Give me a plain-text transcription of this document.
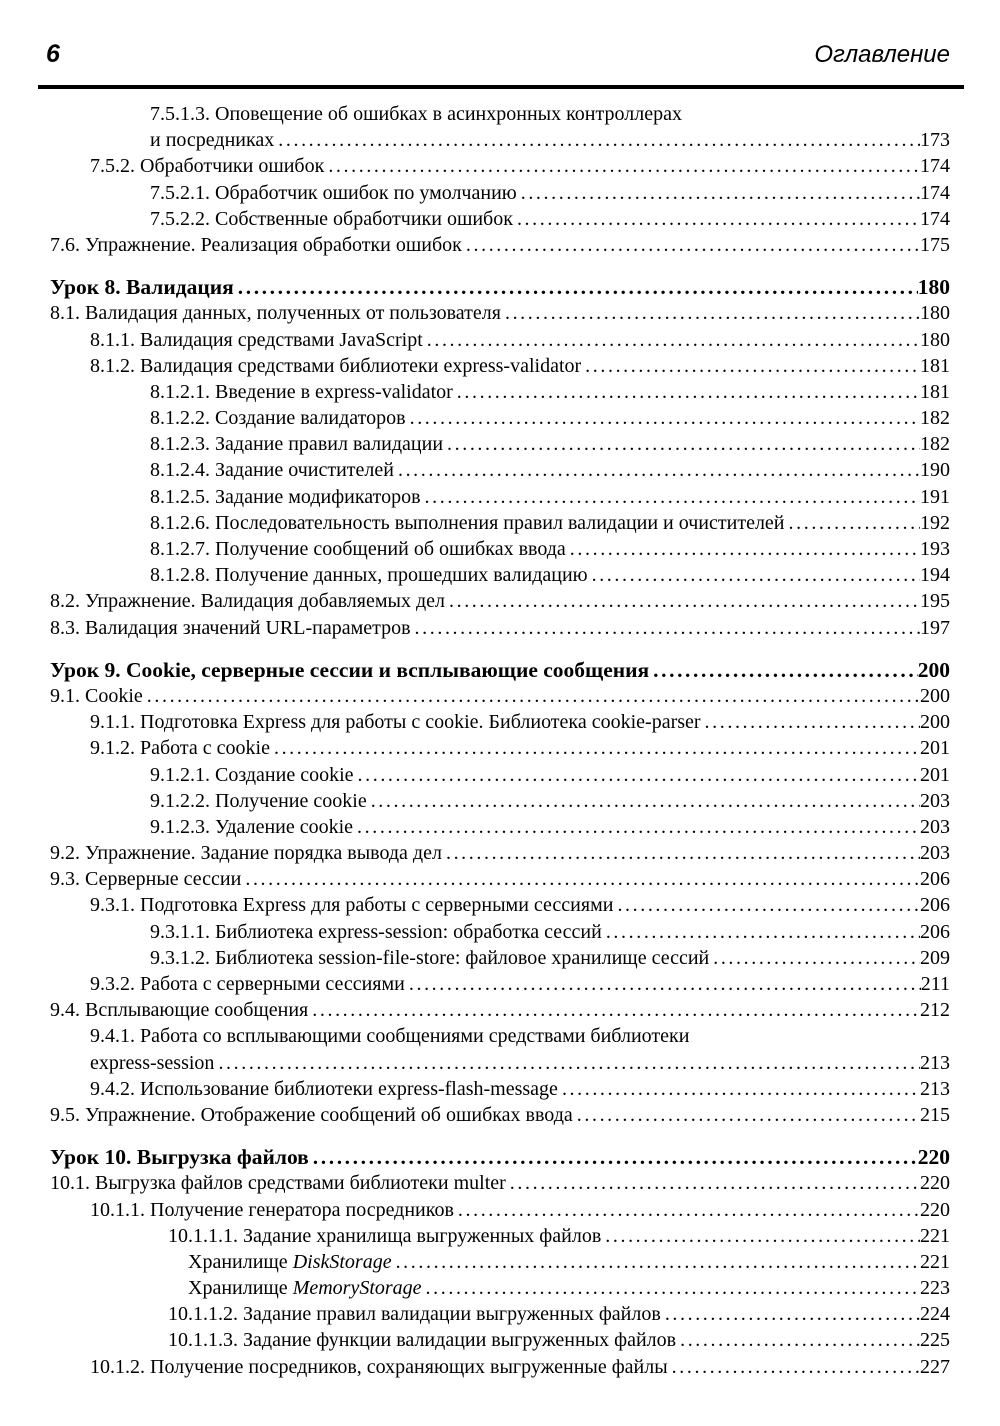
6	Оглавление
7.5.1.3. Оповещение об ошибках в асинхронных контроллерах
и посредниках .....	173
7.5.2. Обработчики ошибок .....	174
7.5.2.1. Обработчик ошибок по умолчанию .....	174
7.5.2.2. Собственные обработчики ошибок .....	174
7.6. Упражнение. Реализация обработки ошибок .....	175
Урок 8. Валидация .....	180
8.1. Валидация данных, полученных от пользователя .....	180
8.1.1. Валидация средствами JavaScript .....	180
8.1.2. Валидация средствами библиотеки express-validator .....	181
8.1.2.1. Введение в express-validator .....	181
8.1.2.2. Создание валидаторов .....	182
8.1.2.3. Задание правил валидации .....	182
8.1.2.4. Задание очистителей .....	190
8.1.2.5. Задание модификаторов .....	191
8.1.2.6. Последовательность выполнения правил валидации и очистителей .....	192
8.1.2.7. Получение сообщений об ошибках ввода .....	193
8.1.2.8. Получение данных, прошедших валидацию .....	194
8.2. Упражнение. Валидация добавляемых дел .....	195
8.3. Валидация значений URL-параметров .....	197
Урок 9. Cookie, серверные сессии и всплывающие сообщения .....	200
9.1. Cookie .....	200
9.1.1. Подготовка Express для работы с cookie. Библиотека cookie-parser .....	200
9.1.2. Работа с cookie .....	201
9.1.2.1. Создание cookie .....	201
9.1.2.2. Получение cookie .....	203
9.1.2.3. Удаление cookie .....	203
9.2. Упражнение. Задание порядка вывода дел .....	203
9.3. Серверные сессии .....	206
9.3.1. Подготовка Express для работы с серверными сессиями .....	206
9.3.1.1. Библиотека express-session: обработка сессий .....	206
9.3.1.2. Библиотека session-file-store: файловое хранилище сессий .....	209
9.3.2. Работа с серверными сессиями .....	211
9.4. Всплывающие сообщения .....	212
9.4.1. Работа со всплывающими сообщениями средствами библиотеки
express-session .....	213
9.4.2. Использование библиотеки express-flash-message .....	213
9.5. Упражнение. Отображение сообщений об ошибках ввода .....	215
Урок 10. Выгрузка файлов .....	220
10.1. Выгрузка файлов средствами библиотеки multer .....	220
10.1.1. Получение генератора посредников .....	220
10.1.1.1. Задание хранилища выгруженных файлов .....	221
Хранилище DiskStorage .....	221
Хранилище MemoryStorage .....	223
10.1.1.2. Задание правил валидации выгруженных файлов .....	224
10.1.1.3. Задание функции валидации выгруженных файлов .....	225
10.1.2. Получение посредников, сохраняющих выгруженные файлы .....	227
